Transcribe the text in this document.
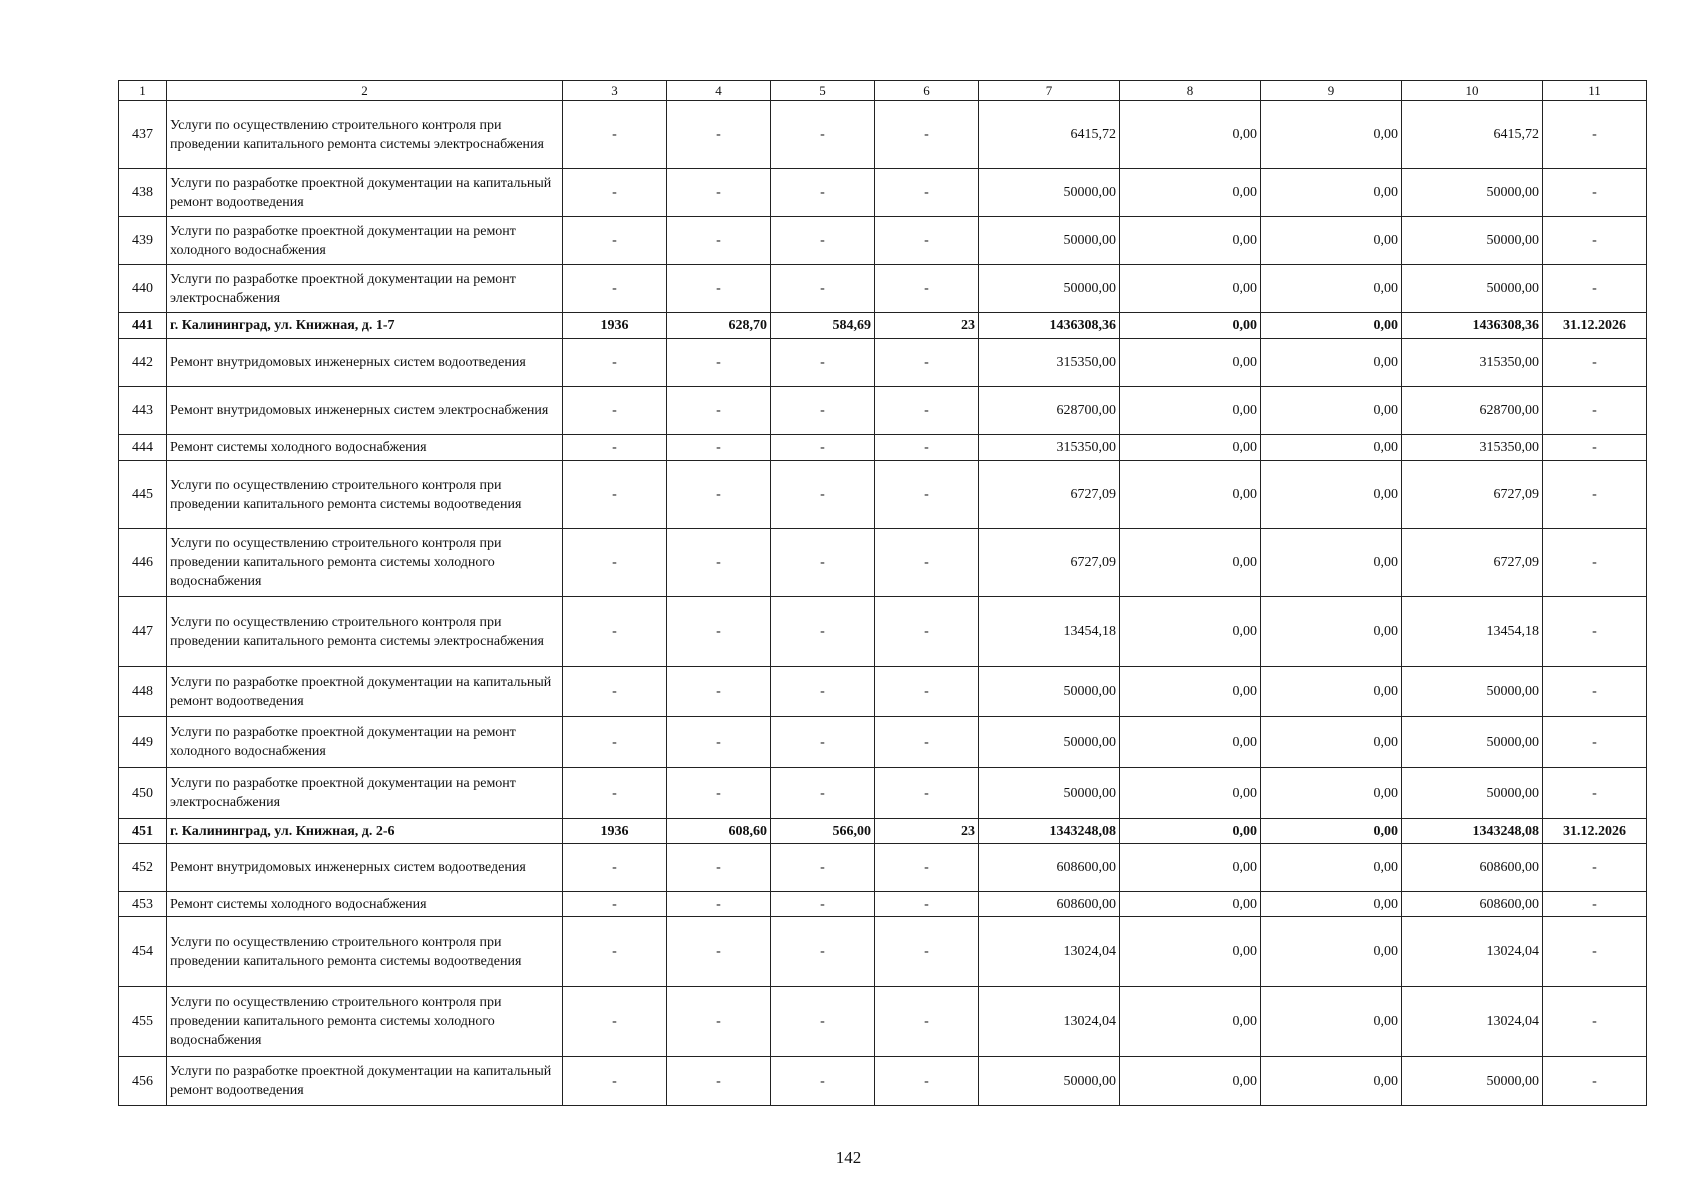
1	2	3	4	5	6	7	8	9	10	11
437	Услуги по осуществлению строительного контроля при проведении капитального ремонта системы электроснабжения	-	-	-	-	6415,72	0,00	0,00	6415,72	-
438	Услуги по разработке проектной документации на капитальный ремонт водоотведения	-	-	-	-	50000,00	0,00	0,00	50000,00	-
439	Услуги по разработке проектной документации на ремонт холодного водоснабжения	-	-	-	-	50000,00	0,00	0,00	50000,00	-
440	Услуги по разработке проектной документации на ремонт электроснабжения	-	-	-	-	50000,00	0,00	0,00	50000,00	-
441	г. Калининград, ул. Книжная, д. 1-7	1936	628,70	584,69	23	1436308,36	0,00	0,00	1436308,36	31.12.2026
442	Ремонт внутридомовых инженерных систем водоотведения	-	-	-	-	315350,00	0,00	0,00	315350,00	-
443	Ремонт внутридомовых инженерных систем электроснабжения	-	-	-	-	628700,00	0,00	0,00	628700,00	-
444	Ремонт системы холодного водоснабжения	-	-	-	-	315350,00	0,00	0,00	315350,00	-
445	Услуги по осуществлению строительного контроля при проведении капитального ремонта системы водоотведения	-	-	-	-	6727,09	0,00	0,00	6727,09	-
446	Услуги по осуществлению строительного контроля при проведении капитального ремонта системы холодного водоснабжения	-	-	-	-	6727,09	0,00	0,00	6727,09	-
447	Услуги по осуществлению строительного контроля при проведении капитального ремонта системы электроснабжения	-	-	-	-	13454,18	0,00	0,00	13454,18	-
448	Услуги по разработке проектной документации на капитальный ремонт водоотведения	-	-	-	-	50000,00	0,00	0,00	50000,00	-
449	Услуги по разработке проектной документации на ремонт холодного водоснабжения	-	-	-	-	50000,00	0,00	0,00	50000,00	-
450	Услуги по разработке проектной документации на ремонт электроснабжения	-	-	-	-	50000,00	0,00	0,00	50000,00	-
451	г. Калининград, ул. Книжная, д. 2-6	1936	608,60	566,00	23	1343248,08	0,00	0,00	1343248,08	31.12.2026
452	Ремонт внутридомовых инженерных систем водоотведения	-	-	-	-	608600,00	0,00	0,00	608600,00	-
453	Ремонт системы холодного водоснабжения	-	-	-	-	608600,00	0,00	0,00	608600,00	-
454	Услуги по осуществлению строительного контроля при проведении капитального ремонта системы водоотведения	-	-	-	-	13024,04	0,00	0,00	13024,04	-
455	Услуги по осуществлению строительного контроля при проведении капитального ремонта системы холодного водоснабжения	-	-	-	-	13024,04	0,00	0,00	13024,04	-
456	Услуги по разработке проектной документации на капитальный ремонт водоотведения	-	-	-	-	50000,00	0,00	0,00	50000,00	-
142
